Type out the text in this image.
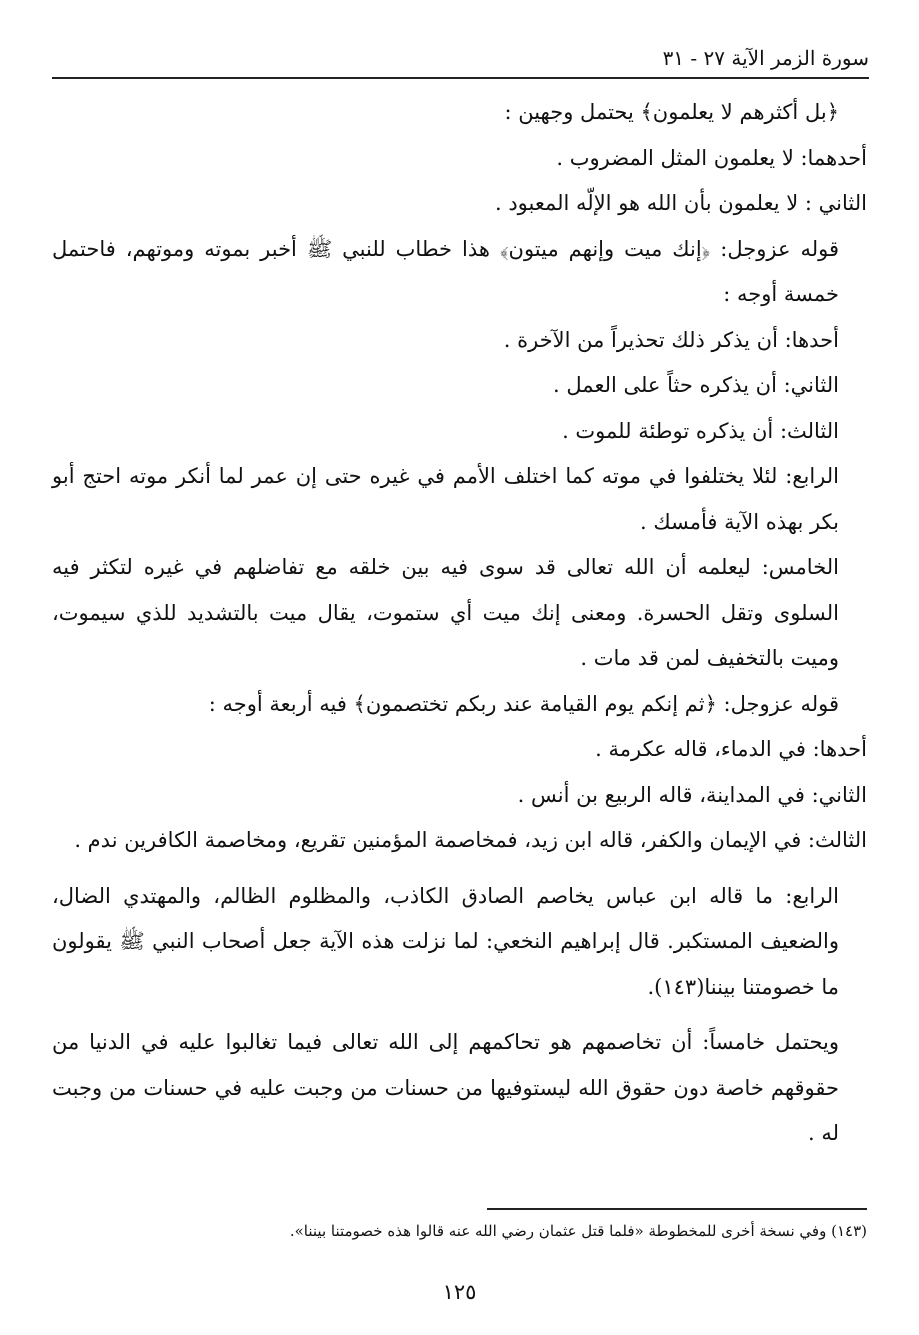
سورة الزمر الآية ٢٧ - ٣١

﴿بل أكثرهم لا يعلمون﴾ يحتمل وجهين :

أحدهما: لا يعلمون المثل المضروب .

الثاني : لا يعلمون بأن الله هو الإلّه المعبود .

قوله عزوجل: ﴿إنك ميت وإنهم ميتون﴾ هذا خطاب للنبي ﷺ أخبر بموته وموتهم، فاحتمل خمسة أوجه :

أحدها: أن يذكر ذلك تحذيراً من الآخرة .

الثاني: أن يذكره حثاً على العمل .

الثالث: أن يذكره توطئة للموت .

الرابع: لئلا يختلفوا في موته كما اختلف الأمم في غيره حتى إن عمر لما أنكر موته احتج أبو بكر بهذه الآية فأمسك .

الخامس: ليعلمه أن الله تعالى قد سوى فيه بين خلقه مع تفاضلهم في غيره لتكثر فيه السلوى وتقل الحسرة. ومعنى إنك ميت أي ستموت، يقال ميت بالتشديد للذي سيموت، وميت بالتخفيف لمن قد مات .

قوله عزوجل: ﴿ثم إنكم يوم القيامة عند ربكم تختصمون﴾ فيه أربعة أوجه :

أحدها: في الدماء، قاله عكرمة .

الثاني: في المداينة، قاله الربيع بن أنس .

الثالث: في الإيمان والكفر، قاله ابن زيد، فمخاصمة المؤمنين تقريع، ومخاصمة الكافرين ندم .

الرابع: ما قاله ابن عباس يخاصم الصادق الكاذب، والمظلوم الظالم، والمهتدي الضال، والضعيف المستكبر. قال إبراهيم النخعي: لما نزلت هذه الآية جعل أصحاب النبي ﷺ يقولون ما خصومتنا بيننا(١٤٣).

ويحتمل خامساً: أن تخاصمهم هو تحاكمهم إلى الله تعالى فيما تغالبوا عليه في الدنيا من حقوقهم خاصة دون حقوق الله ليستوفيها من حسنات من وجبت عليه في حسنات من وجبت له .

(١٤٣) وفي نسخة أخرى للمخطوطة «فلما قتل عثمان رضي الله عنه قالوا هذه خصومتنا بيننا».
١٢٥
